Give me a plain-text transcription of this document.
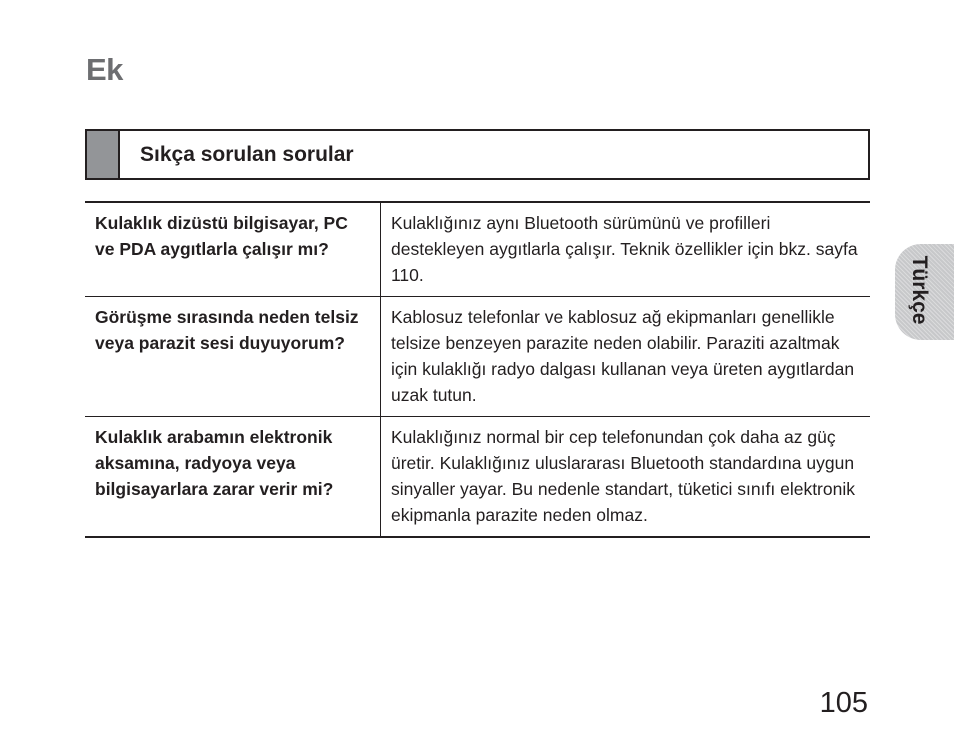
Ek
Sıkça sorulan sorular
Kulaklık dizüstü bilgisayar, PC ve PDA aygıtlarla çalışır mı?	Kulaklığınız aynı Bluetooth sürümünü ve profilleri destekleyen aygıtlarla çalışır. Teknik özellikler için bkz. sayfa 110.
Görüşme sırasında neden telsiz veya parazit sesi duyuyorum?	Kablosuz telefonlar ve kablosuz ağ ekipmanları genellikle telsize benzeyen parazite neden olabilir. Paraziti azaltmak için kulaklığı radyo dalgası kullanan veya üreten aygıtlardan uzak tutun.
Kulaklık arabamın elektronik aksamına, radyoya veya bilgisayarlara zarar verir mi?	Kulaklığınız normal bir cep telefonundan çok daha az güç üretir. Kulaklığınız uluslararası Bluetooth standardına uygun sinyaller yayar. Bu nedenle standart, tüketici sınıfı elektronik ekipmanla parazite neden olmaz.
Türkçe
105
